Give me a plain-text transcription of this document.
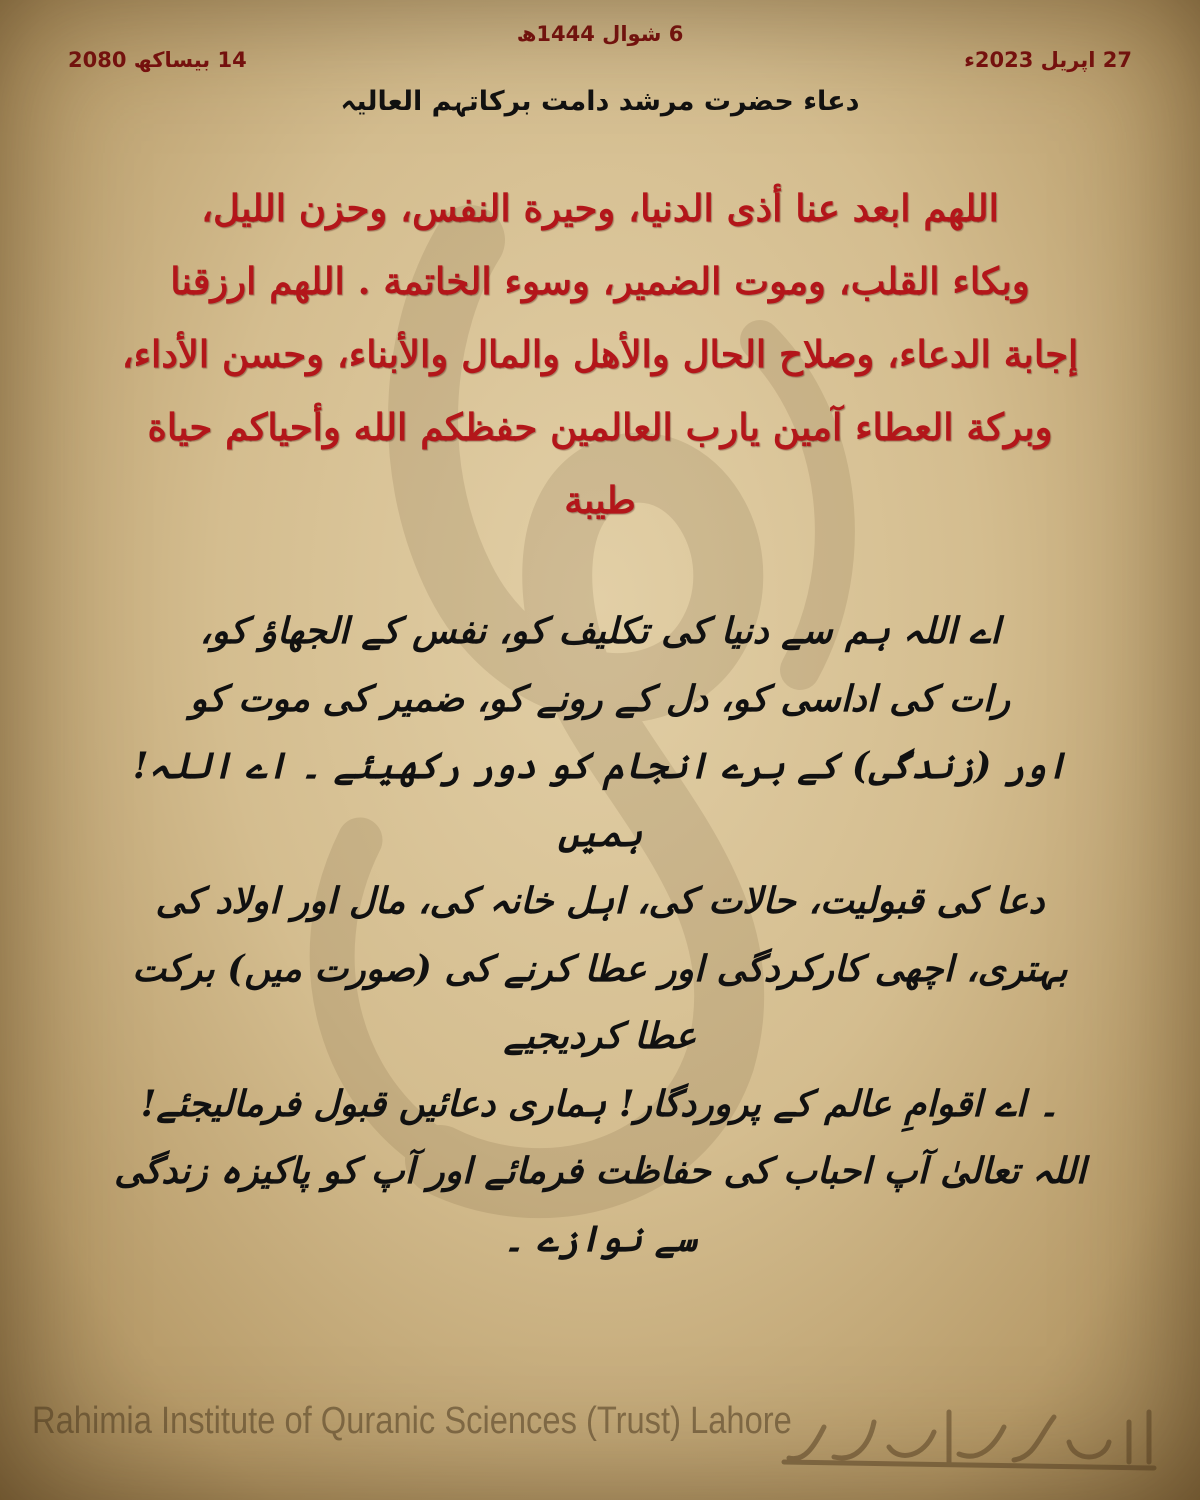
6 شوال 1444ھ
27 اپریل 2023ء
14 بیساکھ 2080
دعاء حضرت مرشد دامت برکاتہم العالیہ
اللهم ابعد عنا أذى الدنيا، وحيرة النفس، وحزن الليل،
وبكاء القلب، وموت الضمير، وسوء الخاتمة . اللهم ارزقنا
إجابة الدعاء، وصلاح الحال والأهل والمال والأبناء، وحسن الأداء،
وبركة العطاء آمين يارب العالمين حفظكم الله وأحياكم حياة
طيبة
اے اللہ ہم سے دنیا کی تکلیف کو، نفس کے الجھاؤ کو،
رات کی اداسی کو، دل کے رونے کو، ضمیر کی موت کو
اور (زندگی) کے برے انجام کو دور رکھیئے ۔ اے اللہ! ہمیں
دعا کی قبولیت، حالات کی، اہل خانہ کی، مال اور اولاد کی
بہتری، اچھی کارکردگی اور عطا کرنے کی (صورت میں) برکت عطا کردیجیے
۔ اے اقوامِ عالم کے پروردگار! ہماری دعائیں قبول فرمالیجئے!
اللہ تعالیٰ آپ احباب کی حفاظت فرمائے اور آپ کو پاکیزہ زندگی
سے نوازے ۔
Rahimia Institute of Quranic Sciences (Trust) Lahore
